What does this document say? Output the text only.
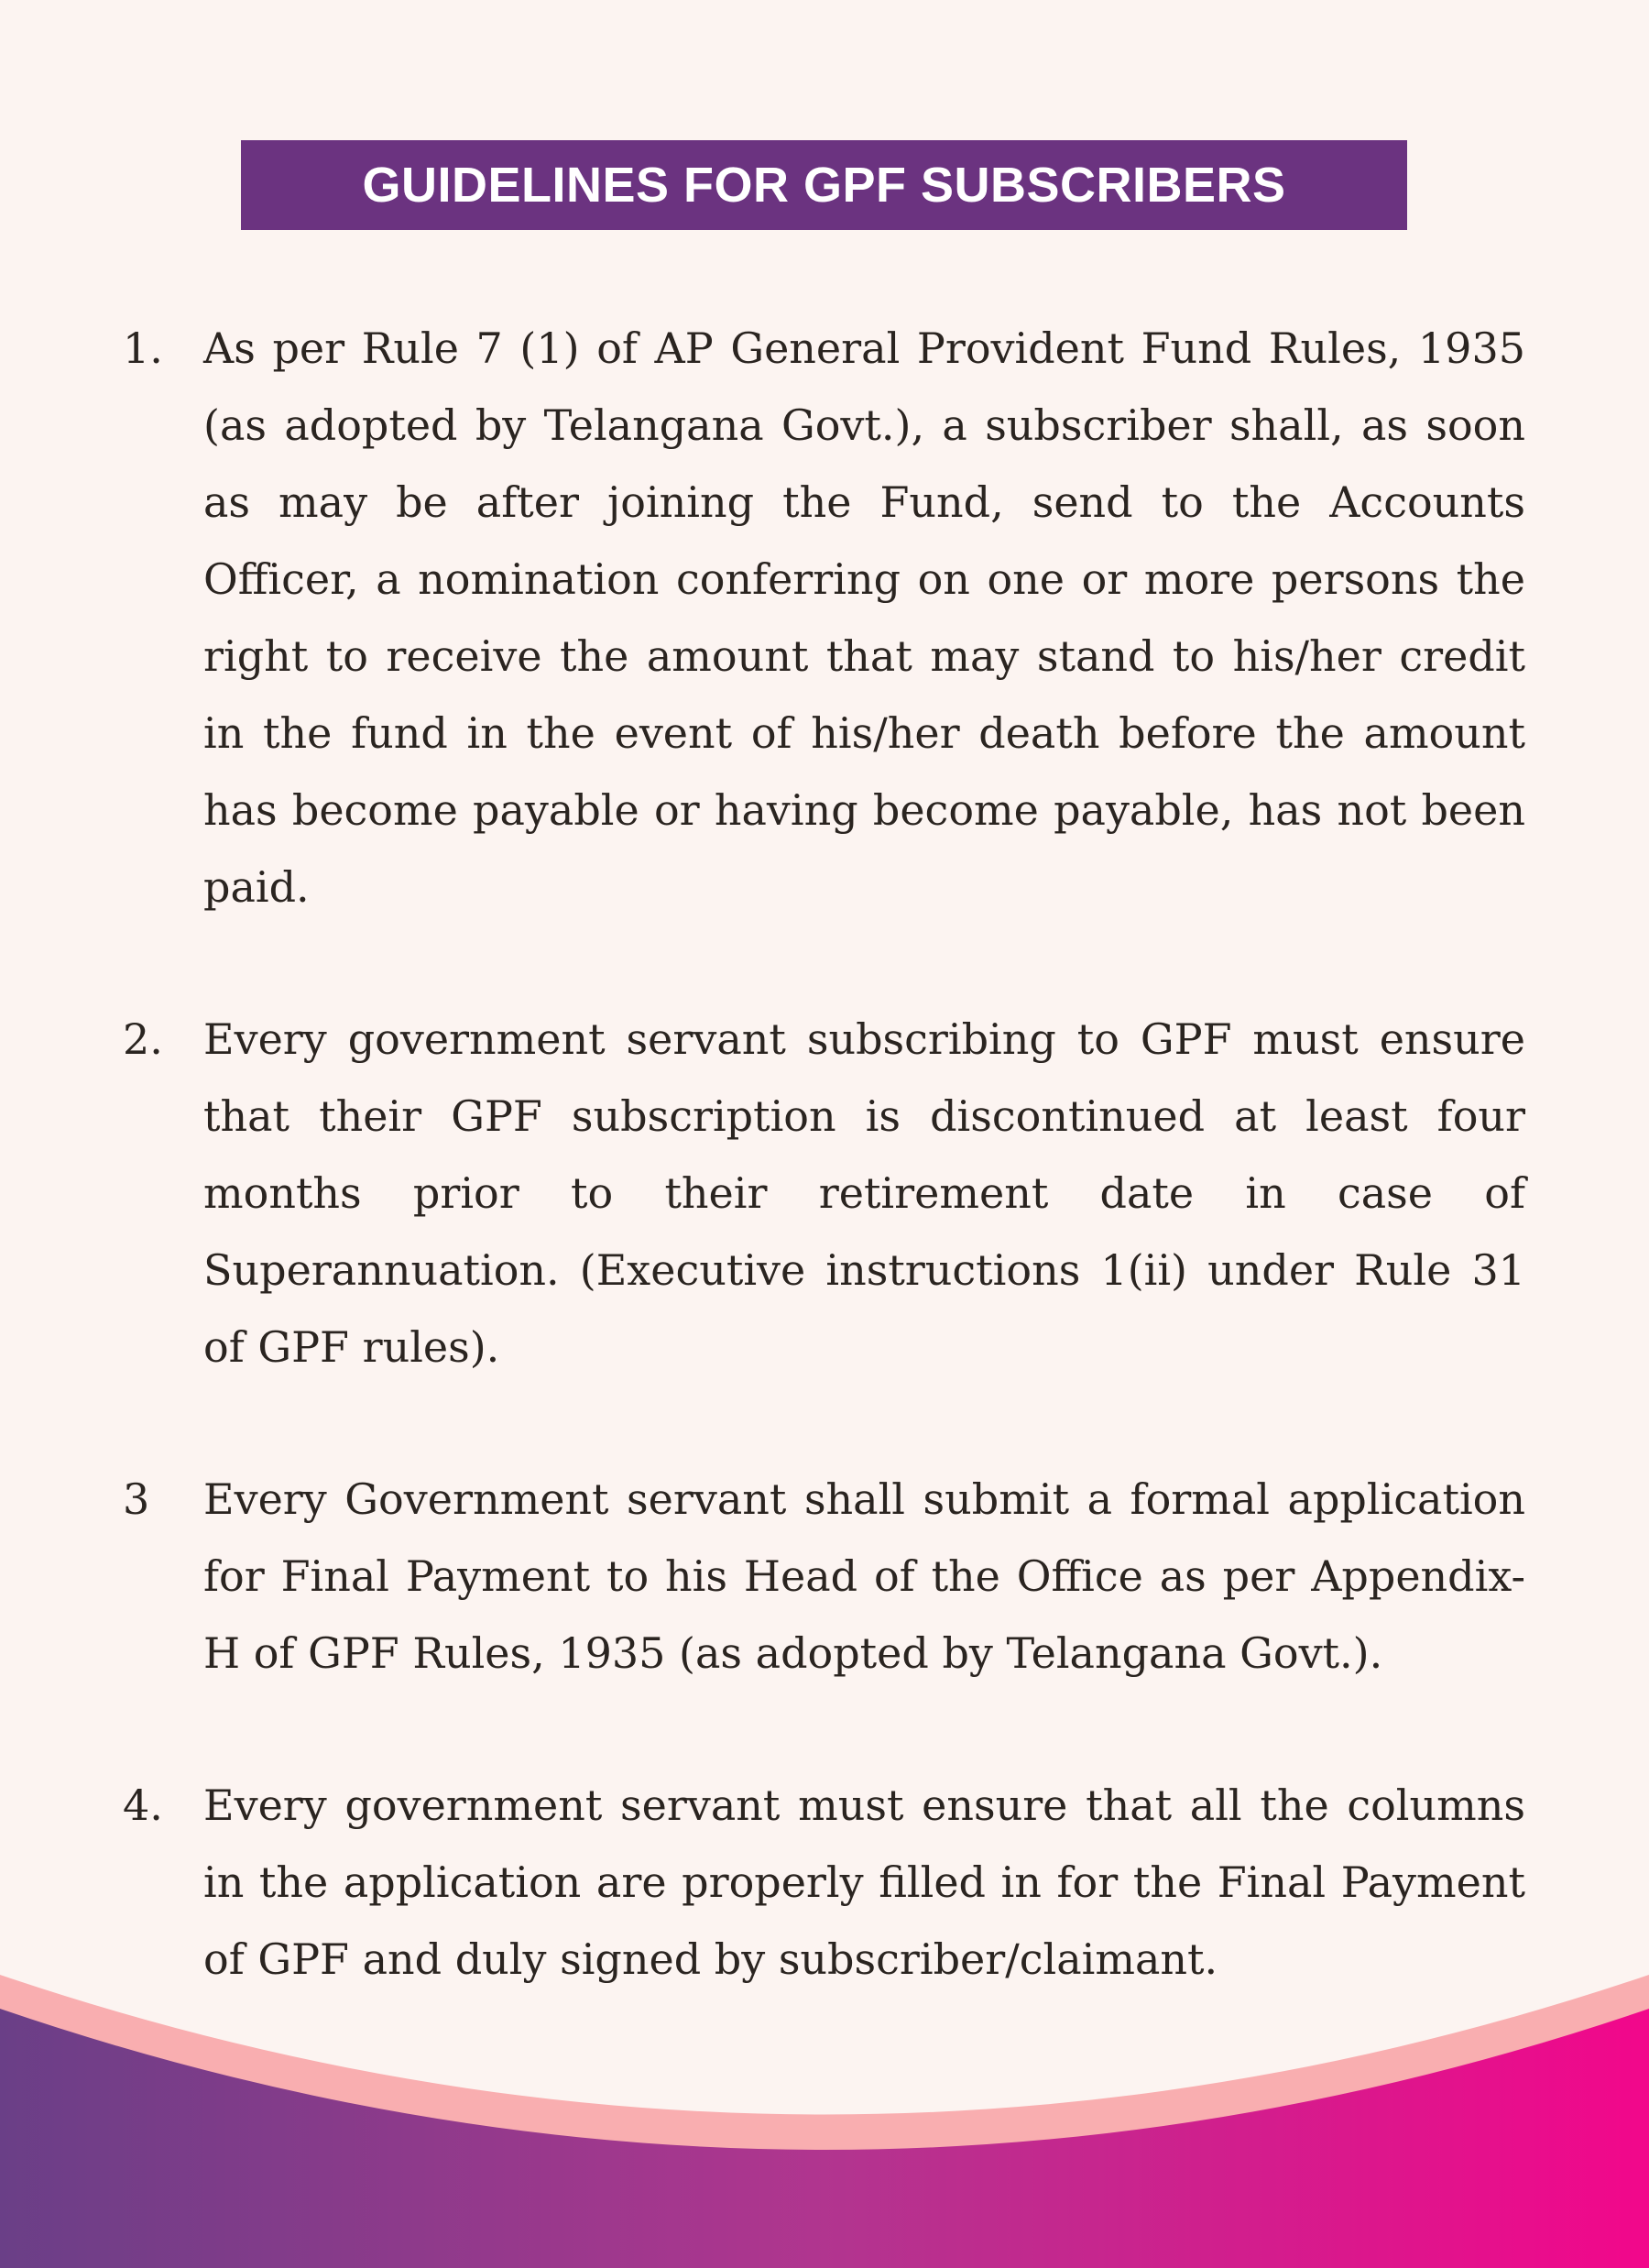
GUIDELINES FOR GPF SUBSCRIBERS
1. As per Rule 7 (1) of AP General Provident Fund Rules, 1935 (as adopted by Telangana Govt.), a subscriber shall, as soon as may be after joining the Fund, send to the Accounts Officer, a nomination conferring on one or more persons the right to receive the amount that may stand to his/her credit in the fund in the event of his/her death before the amount has become payable or having become payable, has not been paid.
2. Every government servant subscribing to GPF must ensure that their GPF subscription is discontinued at least four months prior to their retirement date in case of Superannuation. (Executive instructions 1(ii) under Rule 31 of GPF rules).
3 Every Government servant shall submit a formal application for Final Payment to his Head of the Office as per Appendix-H of GPF Rules, 1935 (as adopted by Telangana Govt.).
4. Every government servant must ensure that all the columns in the application are properly filled in for the Final Payment of GPF and duly signed by subscriber/claimant.
